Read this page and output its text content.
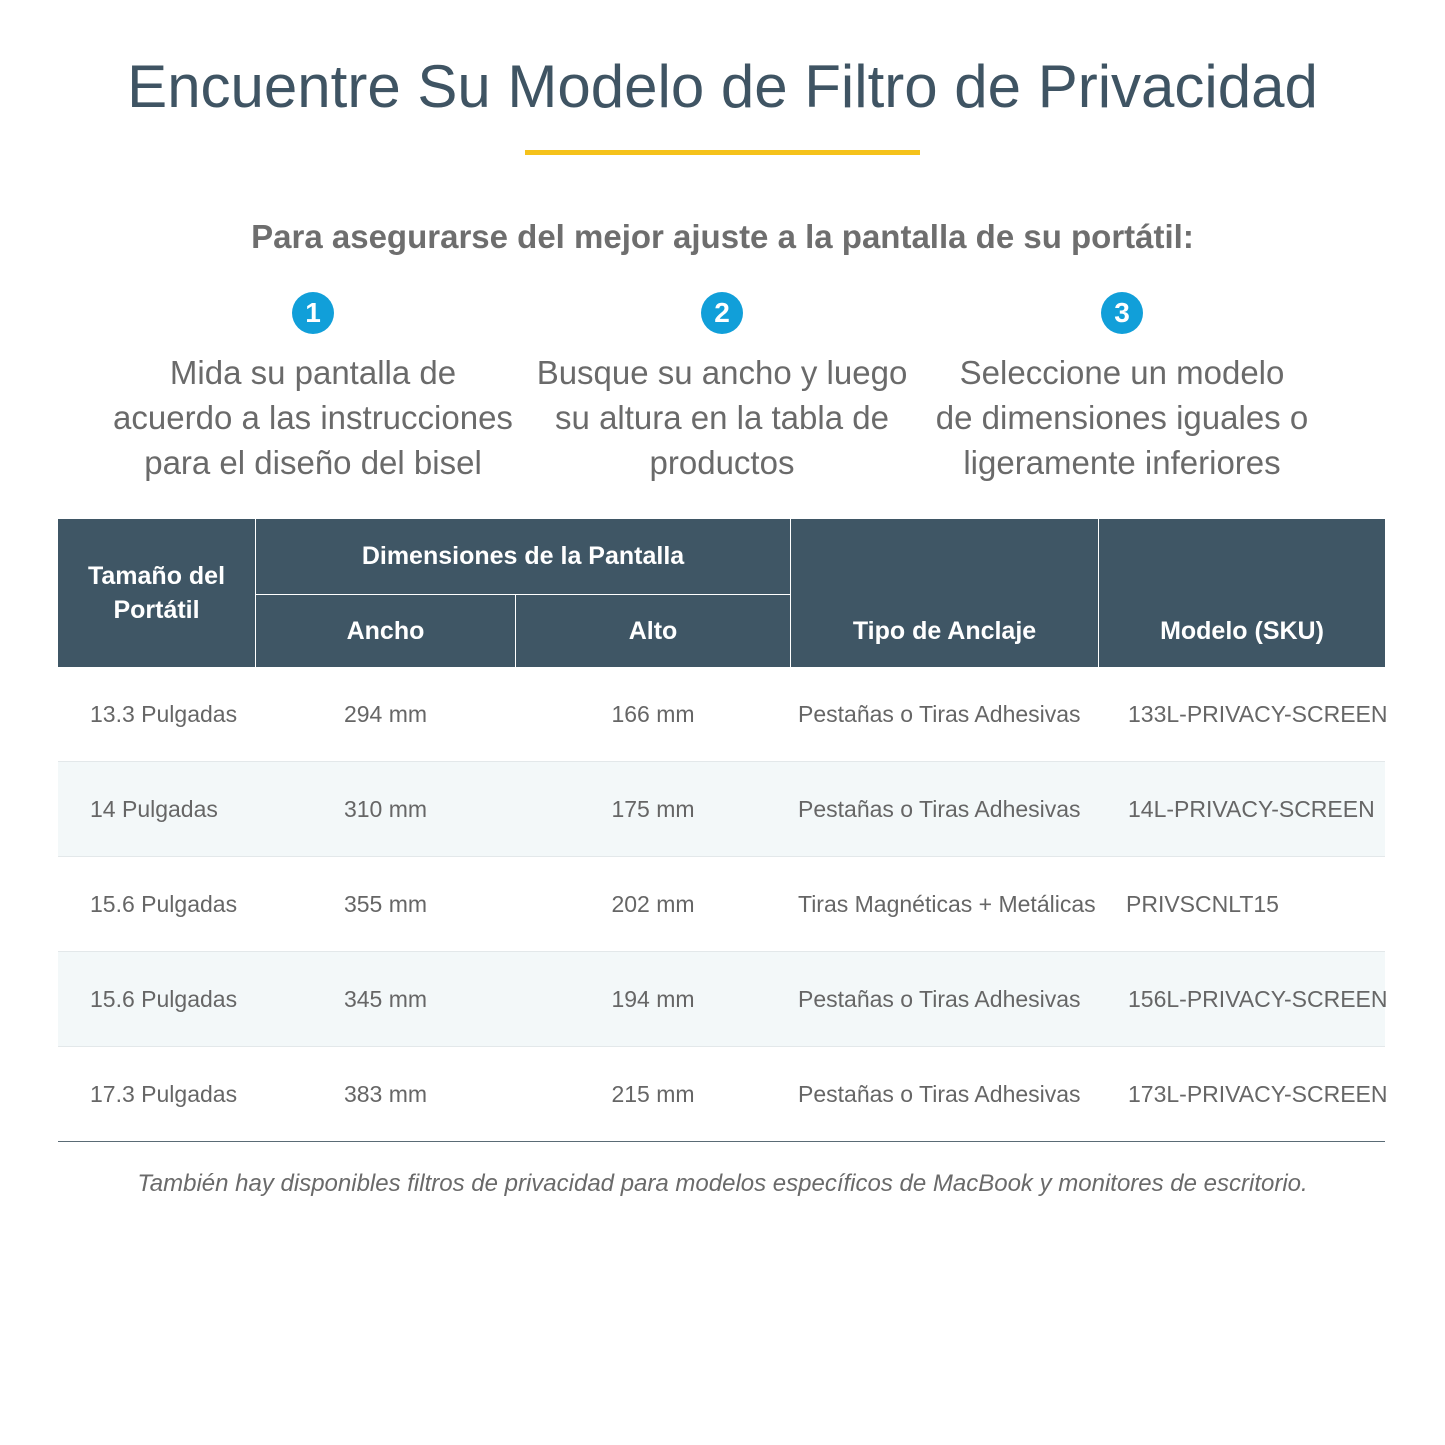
Encuentre Su Modelo de Filtro de Privacidad
Para asegurarse del mejor ajuste a la pantalla de su portátil:
1
Mida su pantalla de
acuerdo a las instrucciones
para el diseño del bisel
2
Busque su ancho y luego
su altura en la tabla de
productos
3
Seleccione un modelo
de dimensiones iguales o
ligeramente inferiores
Tamaño del Portátil
Dimensiones de la Pantalla
Ancho	Alto	Tipo de Anclaje	Modelo (SKU)
13.3 Pulgadas	294 mm	166 mm	Pestañas o Tiras Adhesivas 133L-PRIVACY-SCREEN
14 Pulgadas	310 mm	175 mm	Pestañas o Tiras Adhesivas 14L-PRIVACY-SCREEN
15.6 Pulgadas	355 mm	202 mm	Tiras Magnéticas + Metálicas PRIVSCNLT15
15.6 Pulgadas	345 mm	194 mm	Pestañas o Tiras Adhesivas 156L-PRIVACY-SCREEN
17.3 Pulgadas	383 mm	215 mm	Pestañas o Tiras Adhesivas 173L-PRIVACY-SCREEN

También hay disponibles filtros de privacidad para modelos específicos de MacBook y monitores de escritorio.
